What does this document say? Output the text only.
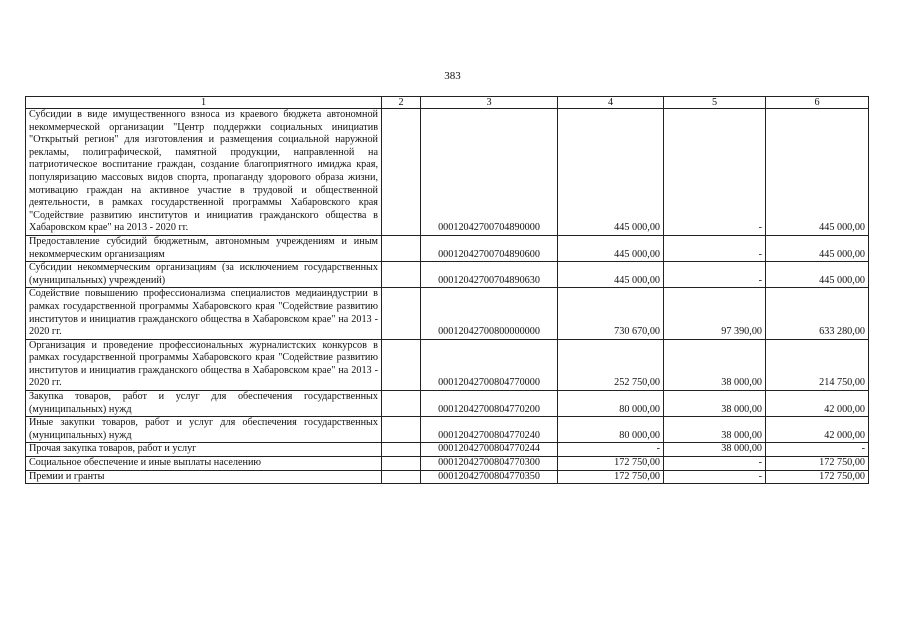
383
1	2	3	4	5	6
Субсидии в виде имущественного взноса из краевого бюджета автономной некоммерческой организации "Центр поддержки социальных инициатив "Открытый регион" для изготовления и размещения социальной наружной рекламы, полиграфической, памятной продукции, направленной на патриотическое воспитание граждан, создание благоприятного имиджа края, популяризацию массовых видов спорта, пропаганду здорового образа жизни, мотивацию граждан на активное участие в трудовой и общественной деятельности, в рамках государственной программы Хабаровского края "Содействие развитию институтов и инициатив гражданского общества в Хабаровском крае" на 2013 - 2020 гг.		00012042700704890000	445 000,00	-	445 000,00
Предоставление субсидий бюджетным, автономным учреждениям и иным некоммерческим организациям		00012042700704890600	445 000,00	-	445 000,00
Субсидии некоммерческим организациям (за исключением государственных (муниципальных) учреждений)		00012042700704890630	445 000,00	-	445 000,00
Содействие повышению профессионализма специалистов медиаиндустрии в рамках государственной программы Хабаровского края "Содействие развитию институтов и инициатив гражданского общества в Хабаровском крае" на 2013 - 2020 гг.		00012042700800000000	730 670,00	97 390,00	633 280,00
Организация и проведение профессиональных журналистских конкурсов в рамках государственной программы Хабаровского края "Содействие развитию институтов и инициатив гражданского общества в Хабаровском крае" на 2013 - 2020 гг.		00012042700804770000	252 750,00	38 000,00	214 750,00
Закупка товаров, работ и услуг для обеспечения государственных (муниципальных) нужд		00012042700804770200	80 000,00	38 000,00	42 000,00
Иные закупки товаров, работ и услуг для обеспечения государственных (муниципальных) нужд		00012042700804770240	80 000,00	38 000,00	42 000,00
Прочая закупка товаров, работ и услуг		00012042700804770244	-	38 000,00	-
Социальное обеспечение и иные выплаты населению		00012042700804770300	172 750,00	-	172 750,00
Премии и гранты		00012042700804770350	172 750,00	-	172 750,00
